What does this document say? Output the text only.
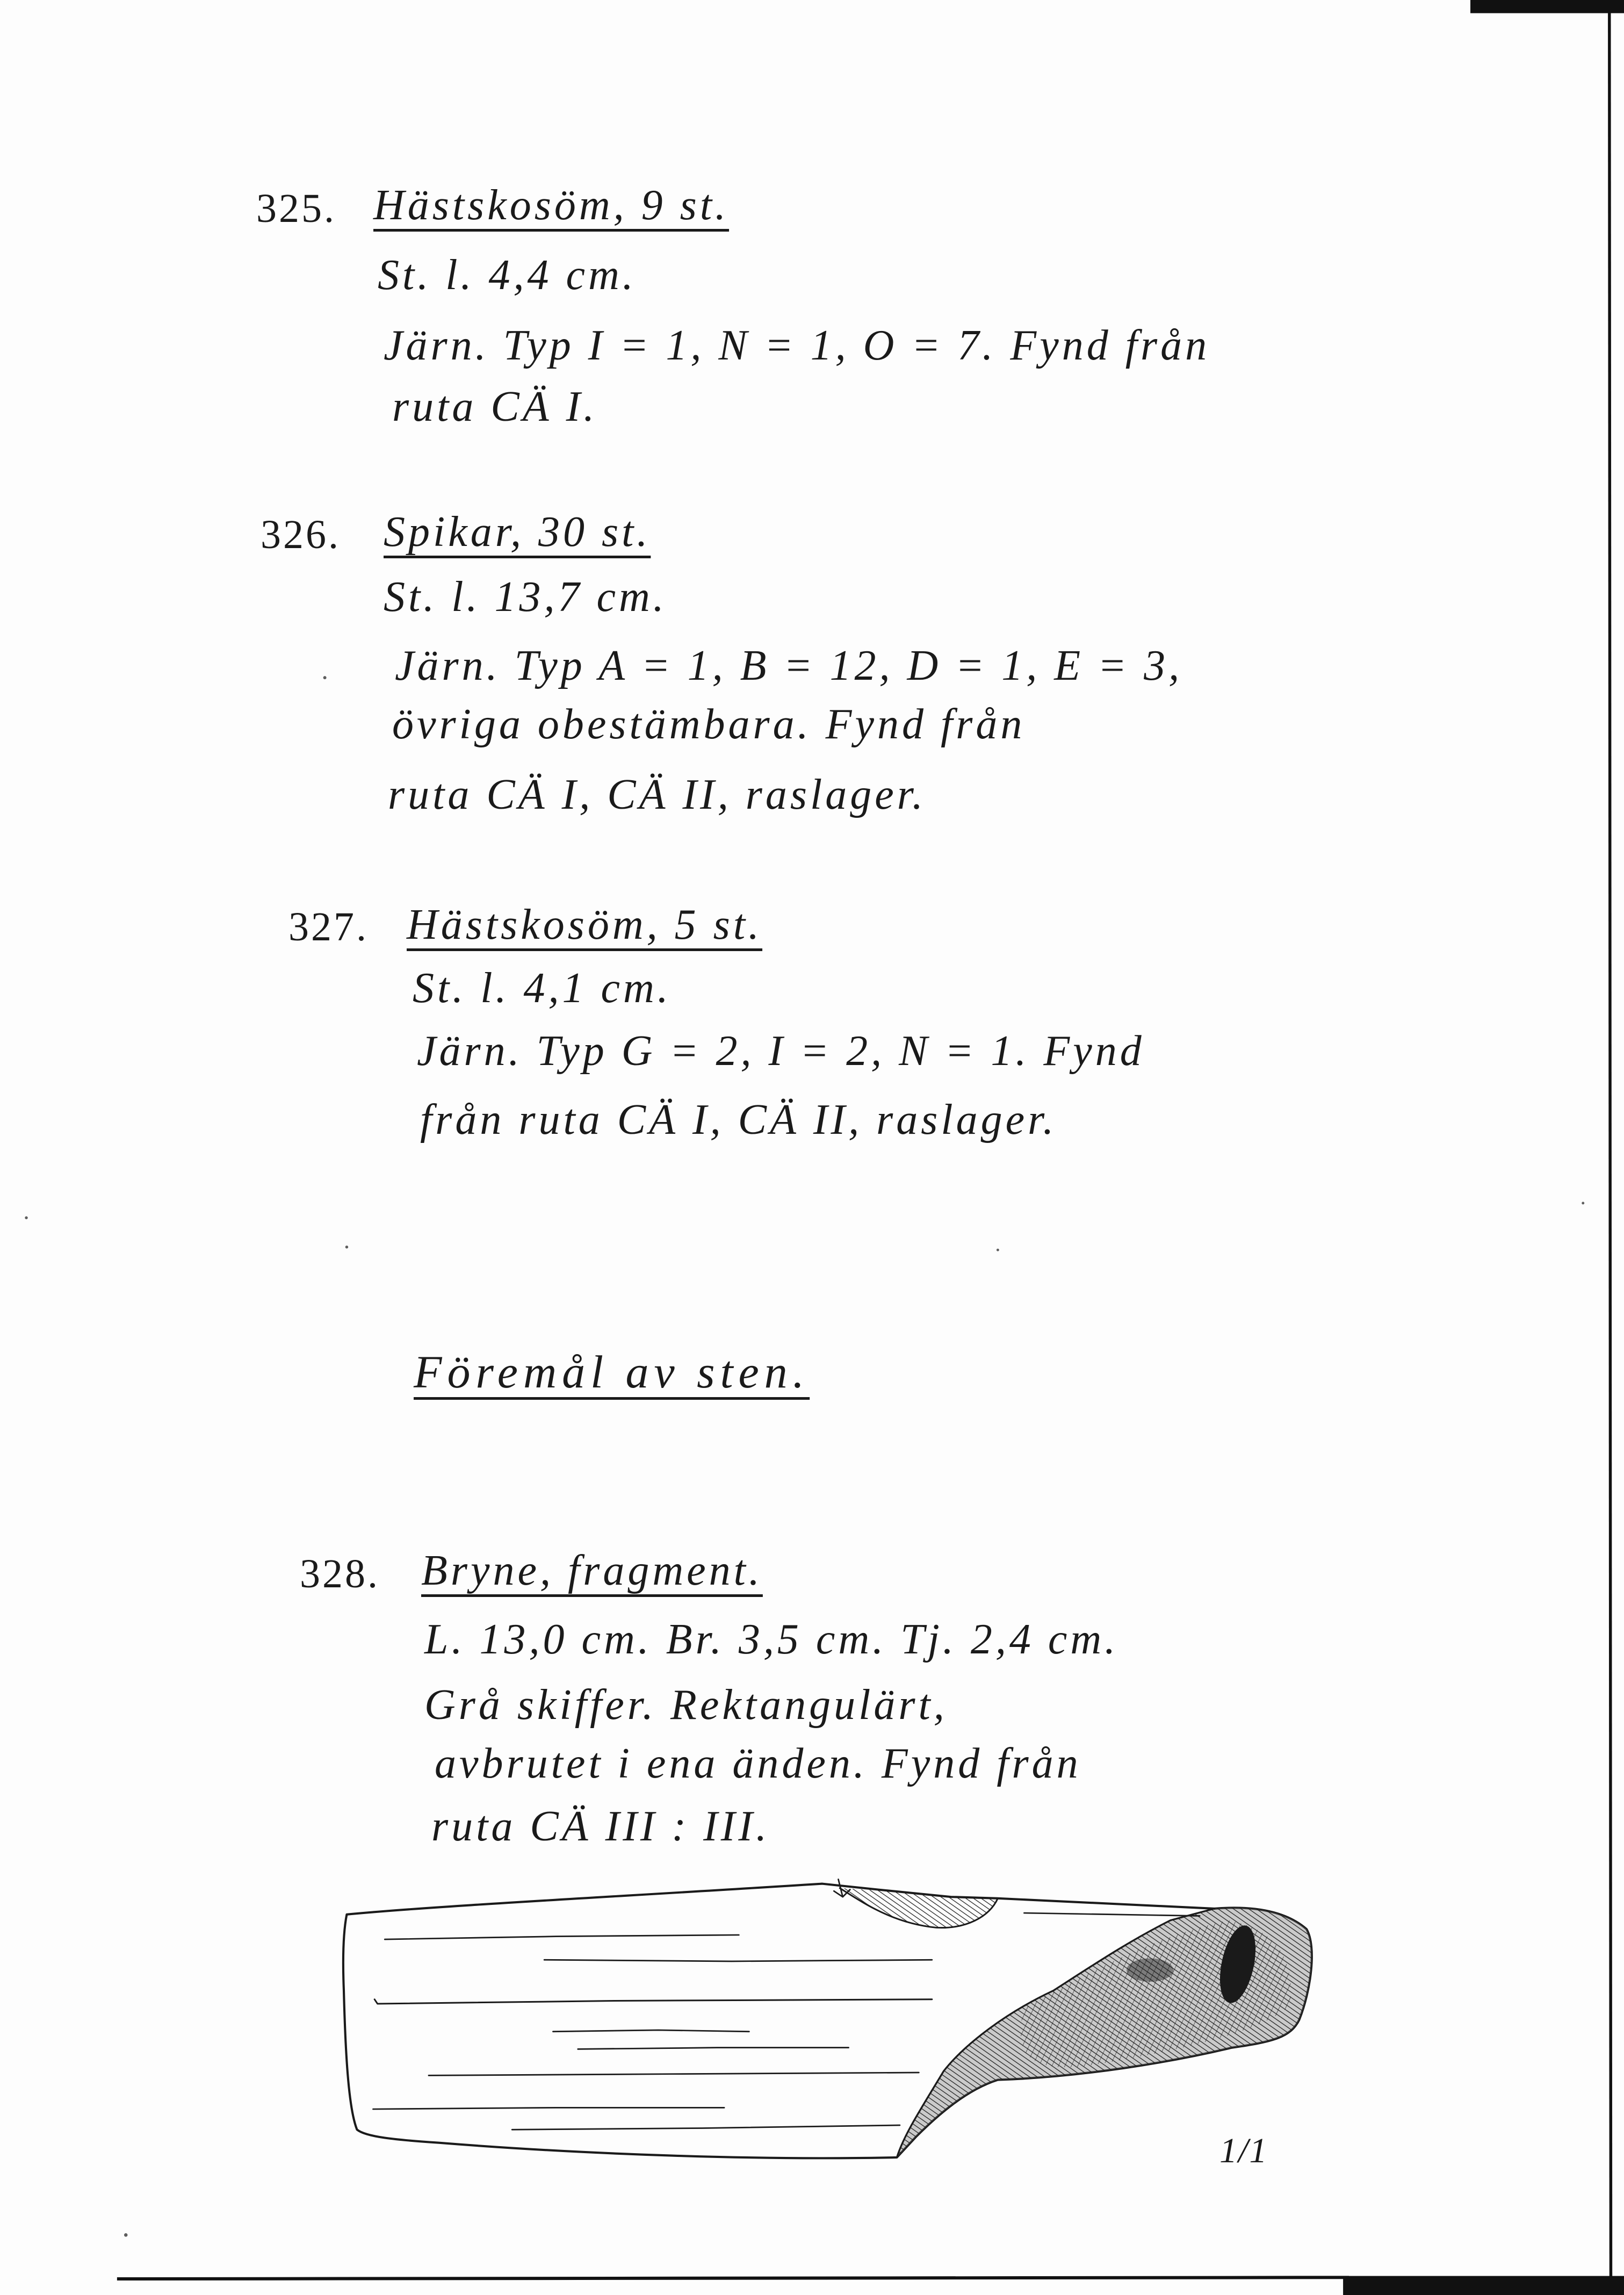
325. Hästskosöm, 9 st.
St. l. 4,4 cm.
Järn. Typ I = 1, N = 1, O = 7. Fynd från
ruta CÄ I.
326. Spikar, 30 st.
St. l. 13,7 cm.
Järn. Typ A = 1, B = 12, D = 1, E = 3,
övriga obestämbara. Fynd från
ruta CÄ I, CÄ II, raslager.
327. Hästskosöm, 5 st.
St. l. 4,1 cm.
Järn. Typ G = 2, I = 2, N = 1. Fynd
från ruta CÄ I, CÄ II, raslager.
Föremål av sten.
328. Bryne, fragment.
L. 13,0 cm. Br. 3,5 cm. Tj. 2,4 cm.
Grå skiffer. Rektangulärt,
avbrutet i ena änden. Fynd från
ruta CÄ III : III.
1/1
